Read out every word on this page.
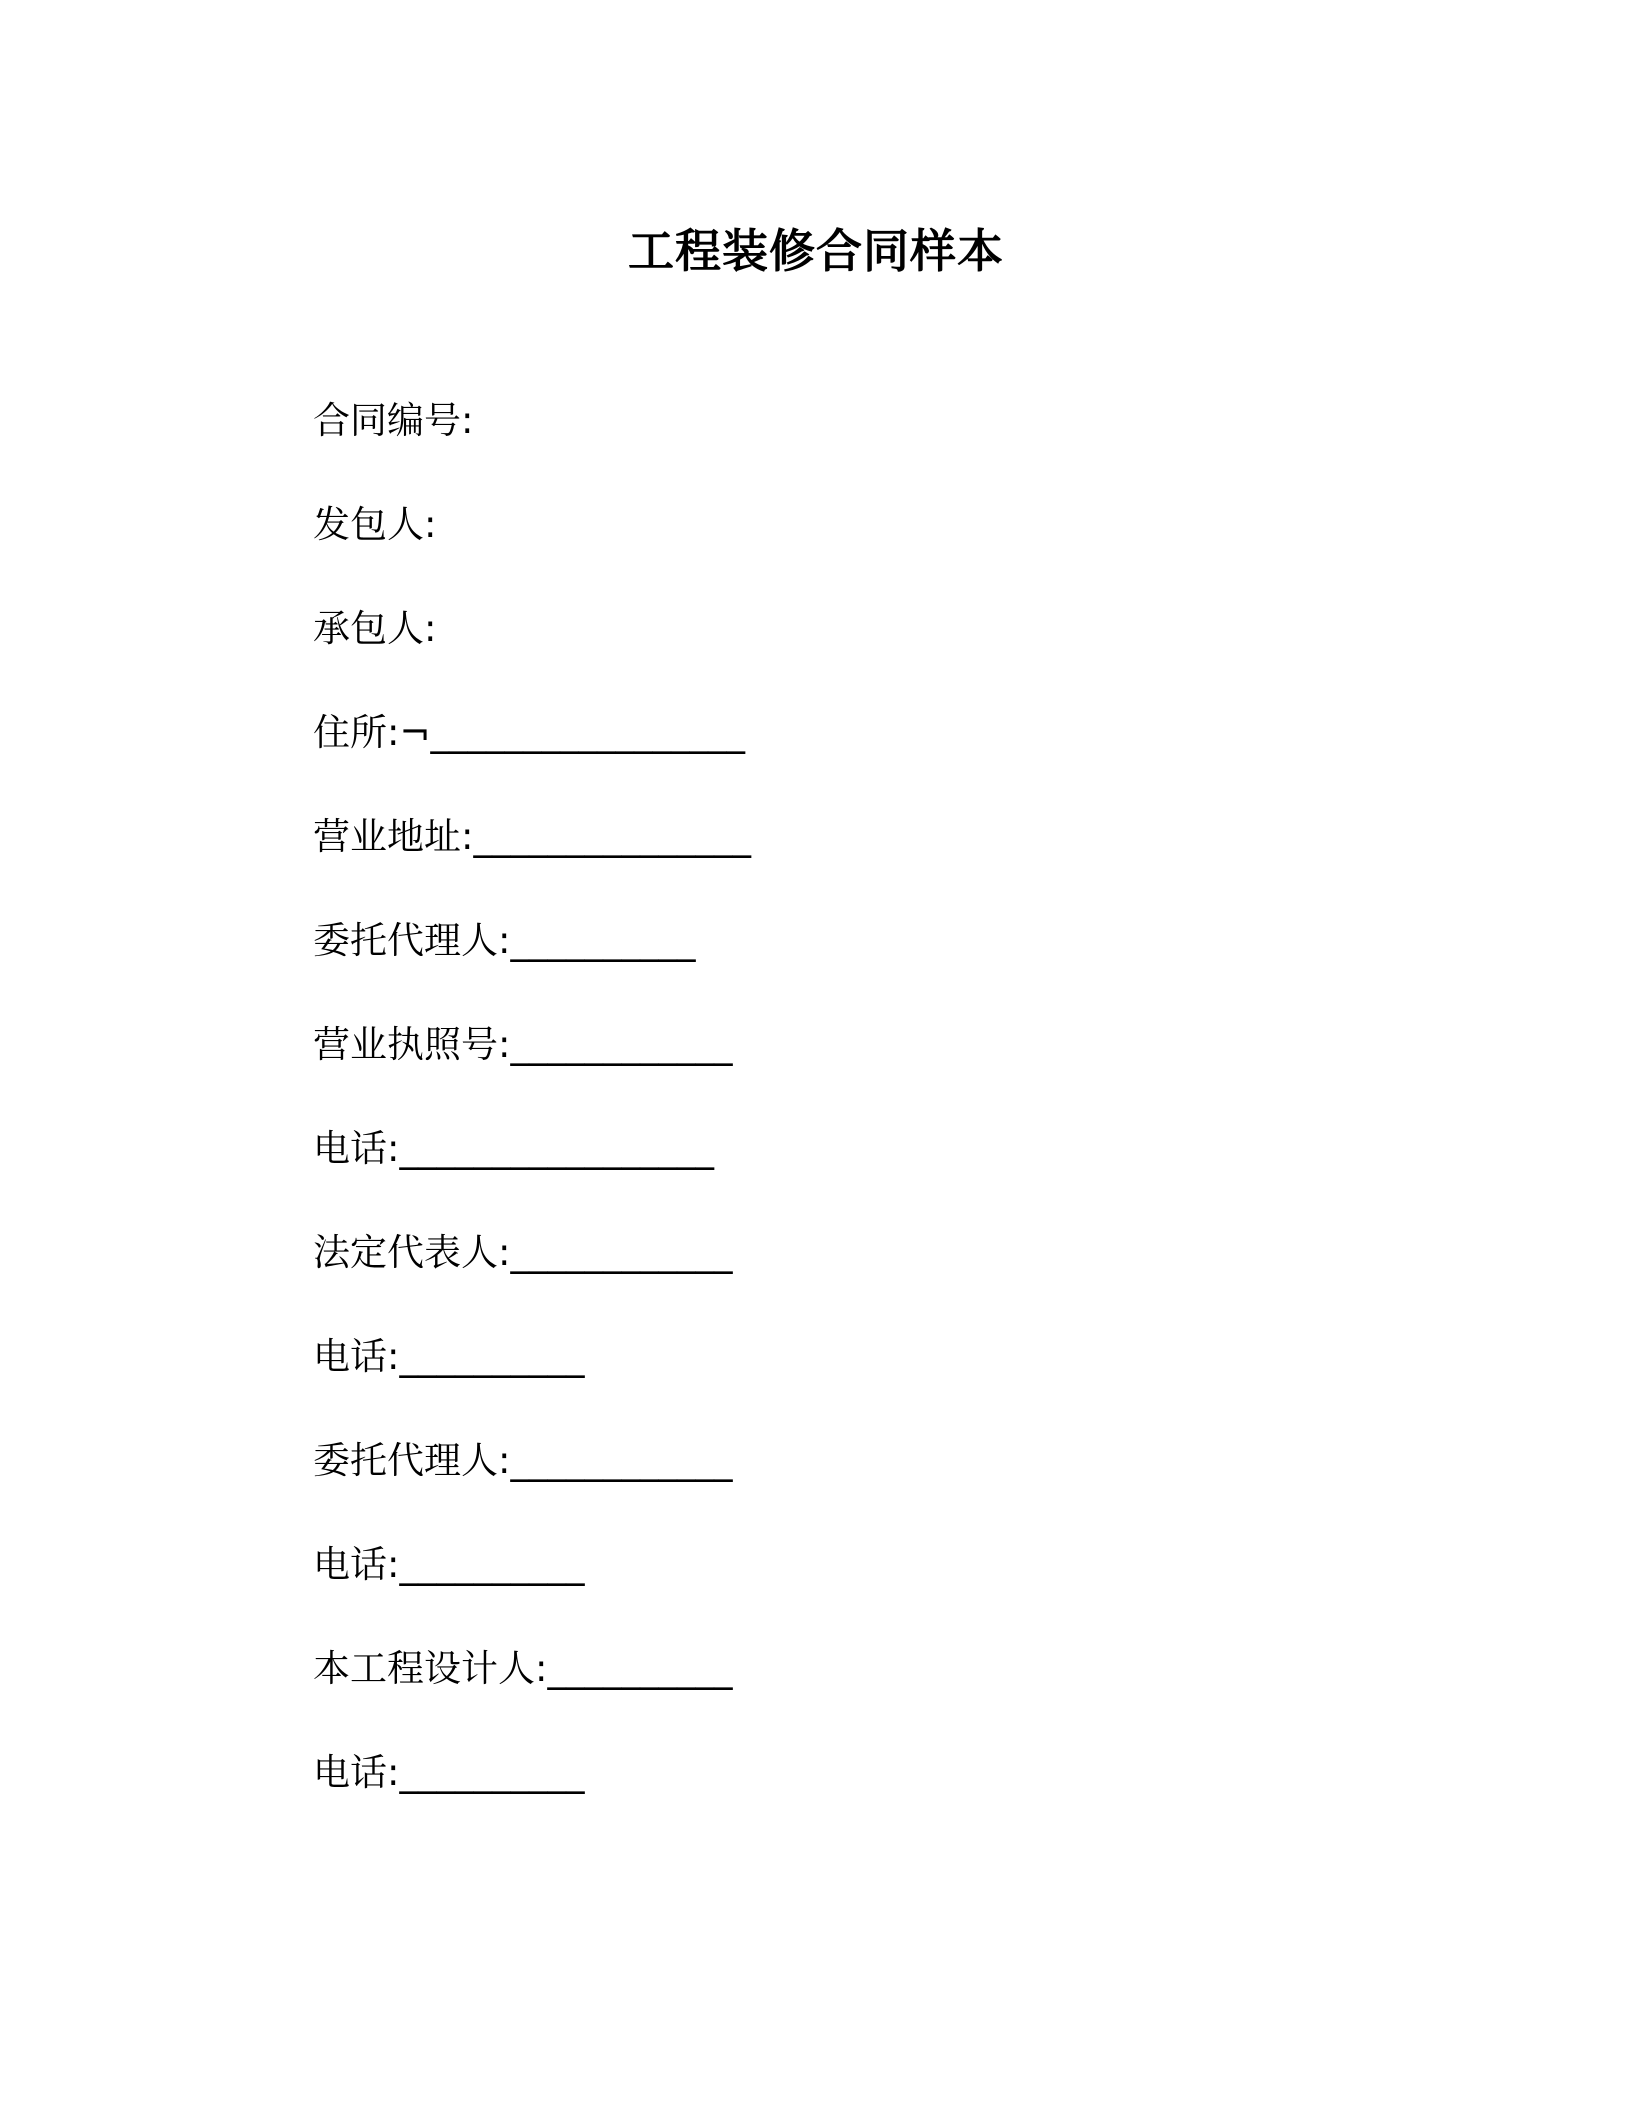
工程装修合同样本
合同编号:
发包人:
承包人:
住所:¬_________________
营业地址:_______________
委托代理人:__________
营业执照号:____________
电话:_________________
法定代表人:____________
电话:__________
委托代理人:____________
电话:__________
本工程设计人:__________
电话:__________
